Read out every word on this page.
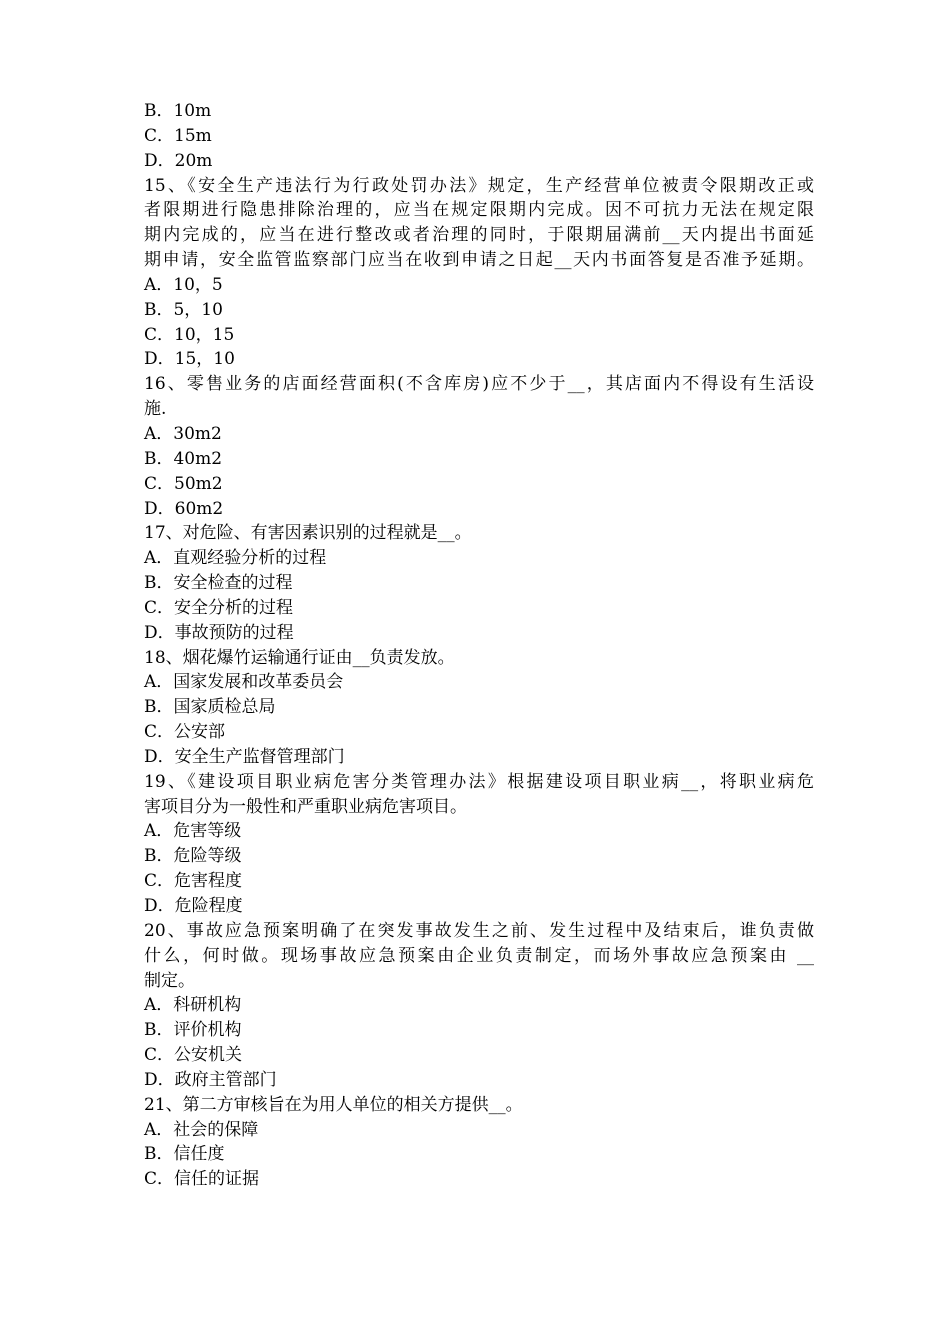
B．10m
C．15m
D．20m
15、《安全生产违法行为行政处罚办法》规定，生产经营单位被责令限期改正或
者限期进行隐患排除治理的，应当在规定限期内完成。因不可抗力无法在规定限
期内完成的，应当在进行整改或者治理的同时，于限期届满前__天内提出书面延
期申请，安全监管监察部门应当在收到申请之日起__天内书面答复是否准予延期。
A．10，5
B．5，10
C．10，15
D．15，10
16、零售业务的店面经营面积(不含库房)应不少于__，其店面内不得设有生活设
施.
A．30m2
B．40m2
C．50m2
D．60m2
17、对危险、有害因素识别的过程就是__。
A．直观经验分析的过程
B．安全检查的过程
C．安全分析的过程
D．事故预防的过程
18、烟花爆竹运输通行证由__负责发放。
A．国家发展和改革委员会
B．国家质检总局
C．公安部
D．安全生产监督管理部门
19、《建设项目职业病危害分类管理办法》根据建设项目职业病__，将职业病危
害项目分为一般性和严重职业病危害项目。
A．危害等级
B．危险等级
C．危害程度
D．危险程度
20、事故应急预案明确了在突发事故发生之前、发生过程中及结束后，谁负责做
什么，何时做。现场事故应急预案由企业负责制定，而场外事故应急预案由 __
制定。
A．科研机构
B．评价机构
C．公安机关
D．政府主管部门
21、第二方审核旨在为用人单位的相关方提供__。
A．社会的保障
B．信任度
C．信任的证据
